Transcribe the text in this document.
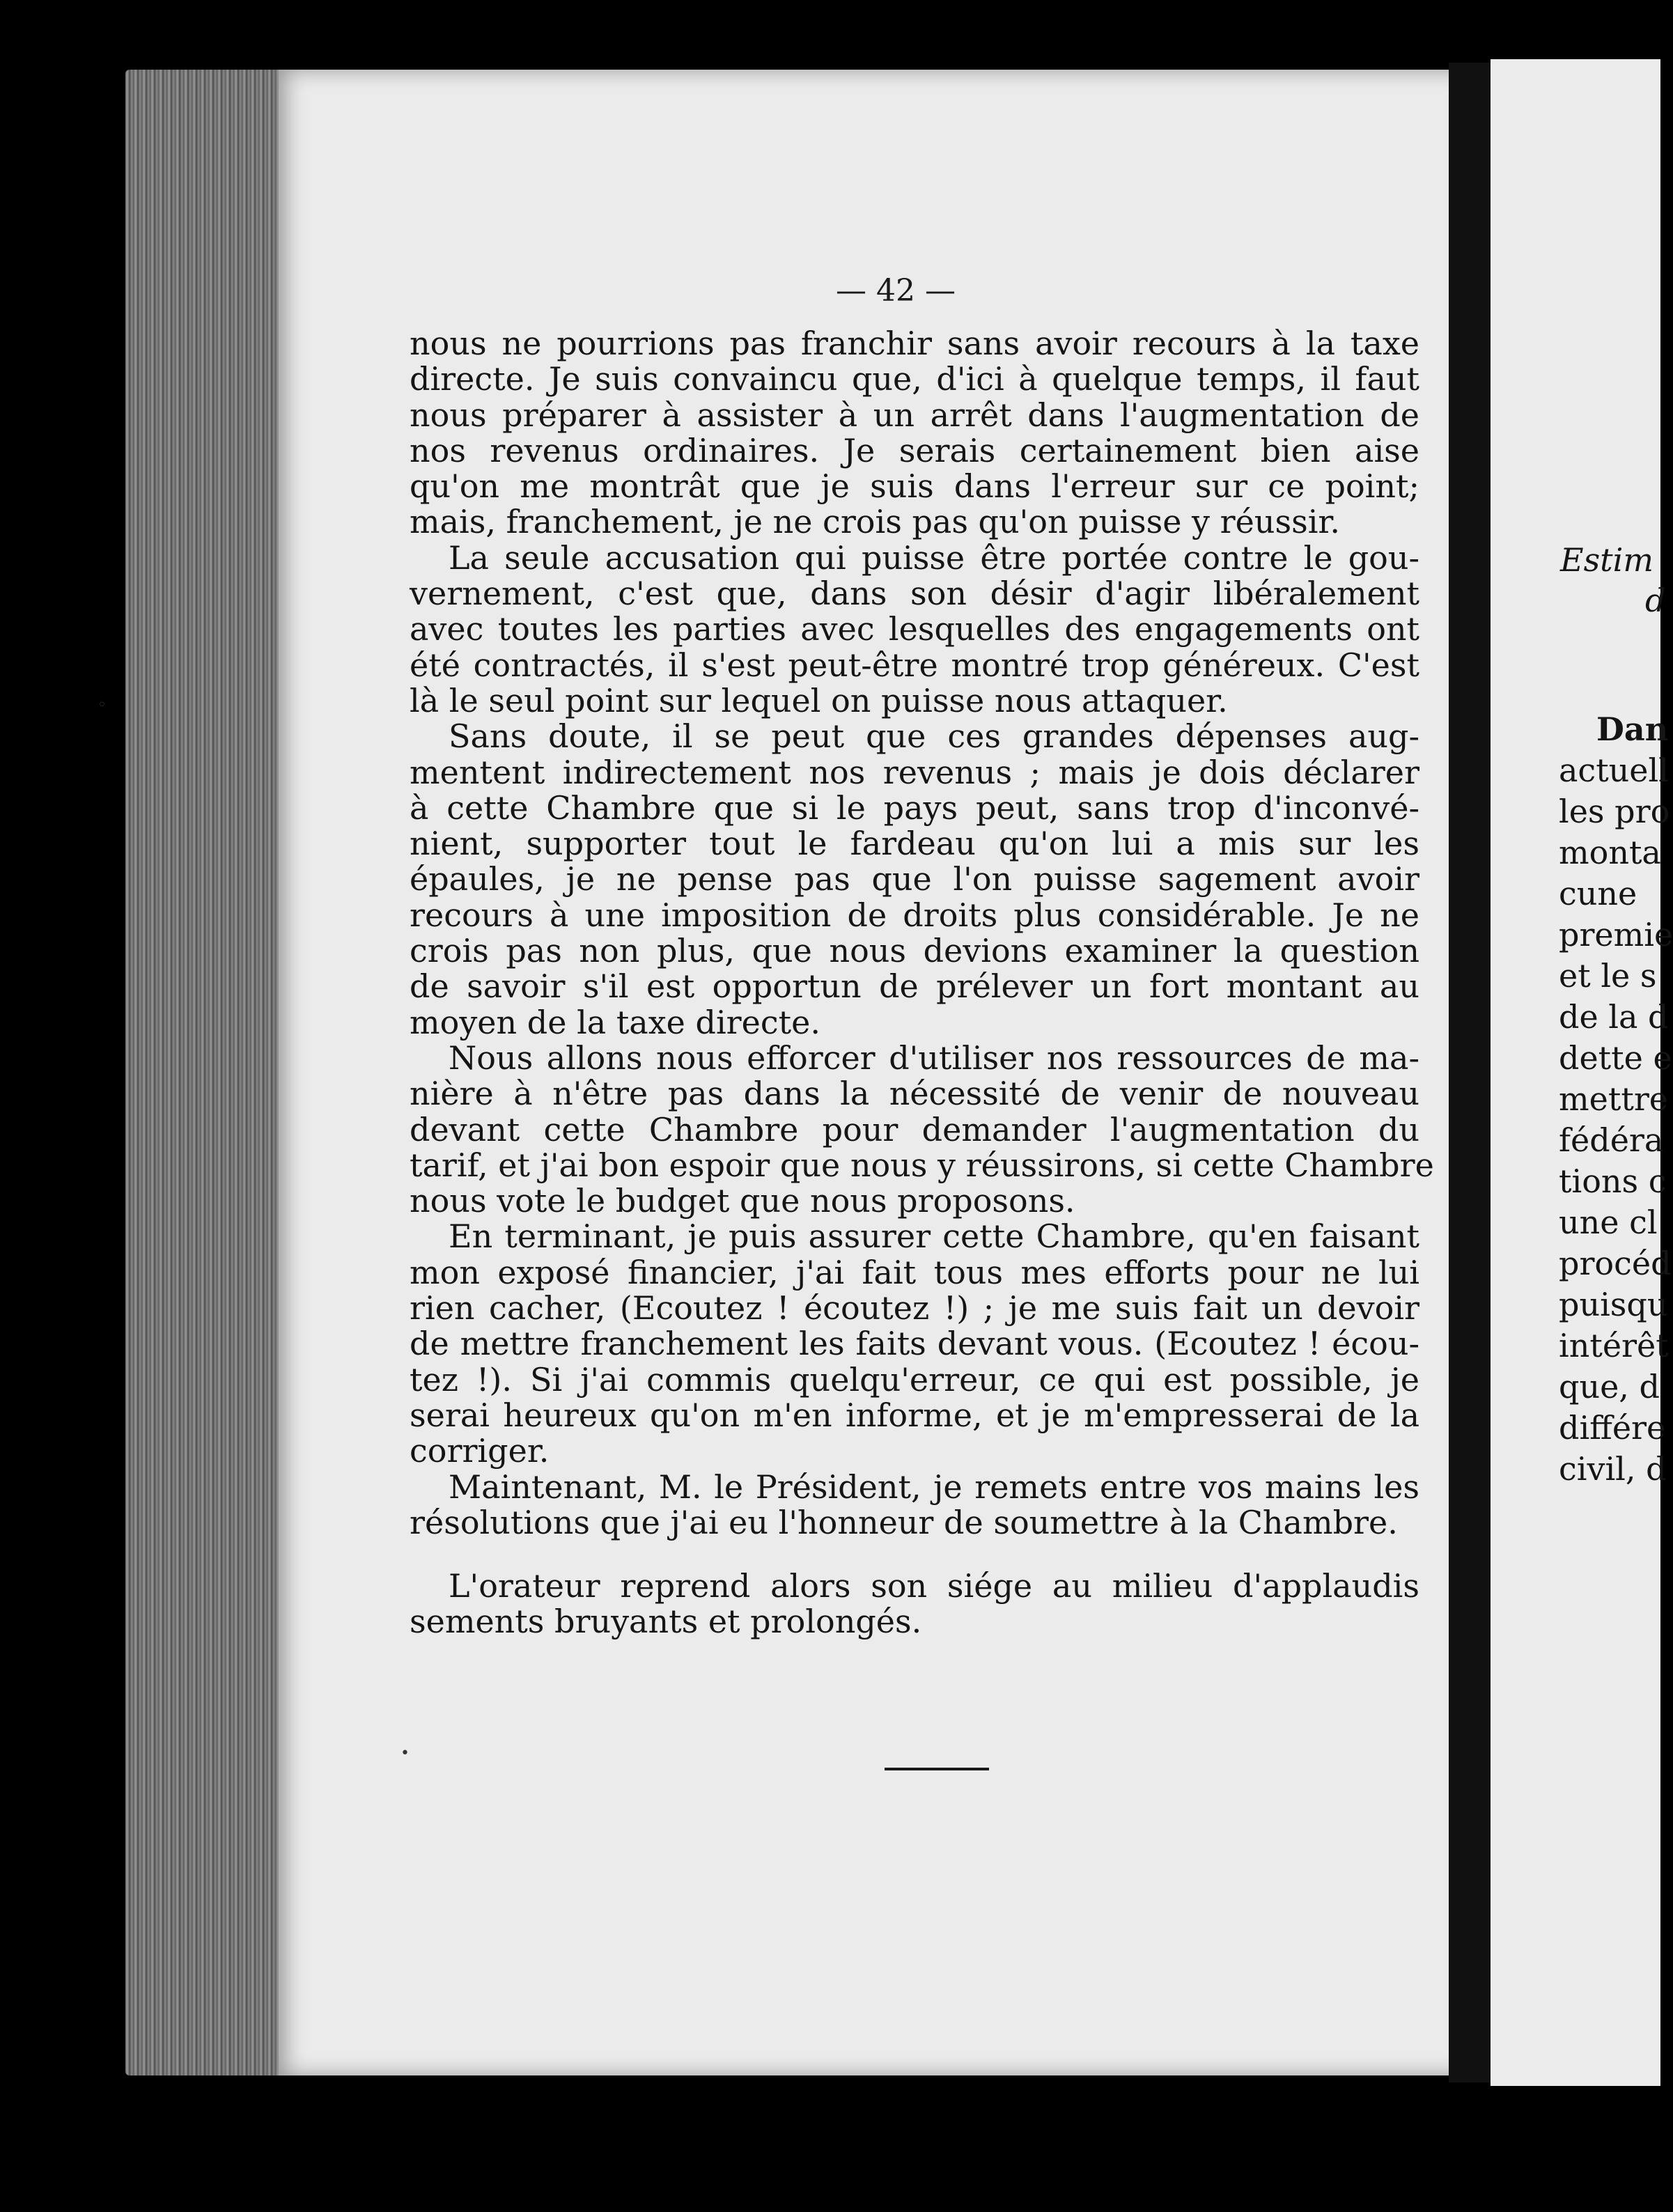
Estim
d
Dan
actuell
les pro
monta
cune
premie
et le s
de la d
dette e
mettre
fédéra
tions c
une cl
procéd
puisqu
intérêt
que, d
différe
civil, d
— 42 —
nous ne pourrions pas franchir sans avoir recours à la taxe
directe. Je suis convaincu que, d'ici à quelque temps, il faut
nous préparer à assister à un arrêt dans l'augmentation de
nos revenus ordinaires. Je serais certainement bien aise
qu'on me montrât que je suis dans l'erreur sur ce point;
mais, franchement, je ne crois pas qu'on puisse y réussir.
La seule accusation qui puisse être portée contre le gou-
vernement, c'est que, dans son désir d'agir libéralement
avec toutes les parties avec lesquelles des engagements ont
été contractés, il s'est peut-être montré trop généreux. C'est
là le seul point sur lequel on puisse nous attaquer.
Sans doute, il se peut que ces grandes dépenses aug-
mentent indirectement nos revenus ; mais je dois déclarer
à cette Chambre que si le pays peut, sans trop d'inconvé-
nient, supporter tout le fardeau qu'on lui a mis sur les
épaules, je ne pense pas que l'on puisse sagement avoir
recours à une imposition de droits plus considérable. Je ne
crois pas non plus, que nous devions examiner la question
de savoir s'il est opportun de prélever un fort montant au
moyen de la taxe directe.
Nous allons nous efforcer d'utiliser nos ressources de ma-
nière à n'être pas dans la nécessité de venir de nouveau
devant cette Chambre pour demander l'augmentation du
tarif, et j'ai bon espoir que nous y réussirons, si cette Chambre
nous vote le budget que nous proposons.
En terminant, je puis assurer cette Chambre, qu'en faisant
mon exposé financier, j'ai fait tous mes efforts pour ne lui
rien cacher, (Ecoutez ! écoutez !) ; je me suis fait un devoir
de mettre franchement les faits devant vous. (Ecoutez ! écou-
tez !). Si j'ai commis quelqu'erreur, ce qui est possible, je
serai heureux qu'on m'en informe, et je m'empresserai de la
corriger.
Maintenant, M. le Président, je remets entre vos mains les
résolutions que j'ai eu l'honneur de soumettre à la Chambre.
L'orateur reprend alors son siége au milieu d'applaudis
sements bruyants et prolongés.
◦
•
